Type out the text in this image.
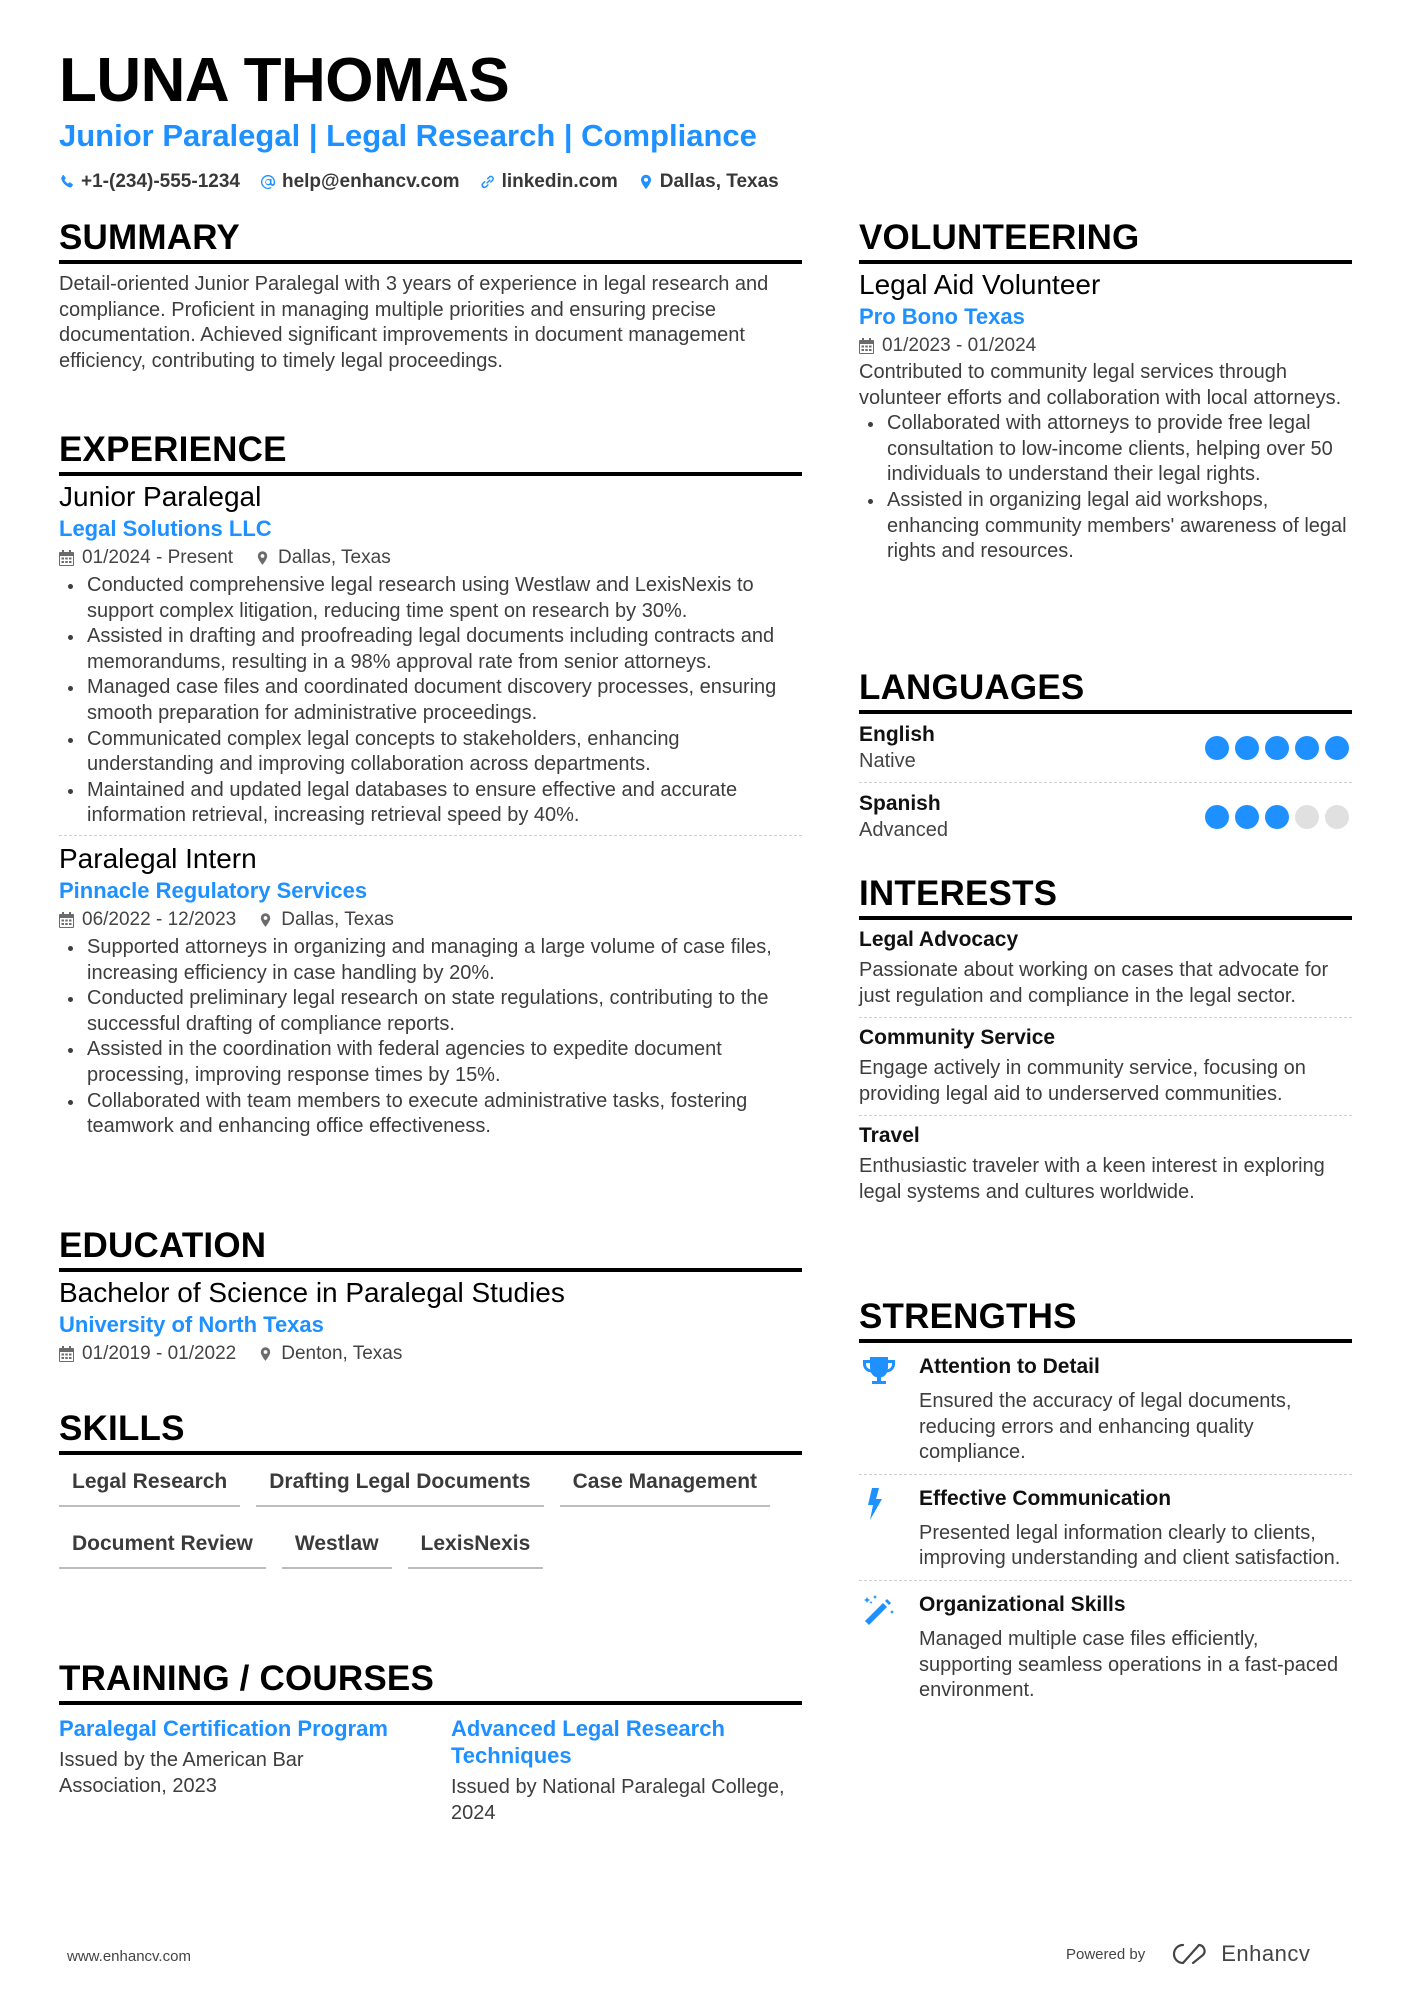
LUNA THOMAS
Junior Paralegal | Legal Research | Compliance
+1-(234)-555-1234 help@enhancv.com linkedin.com Dallas, Texas
SUMMARY

Detail-oriented Junior Paralegal with 3 years of experience in legal research and compliance. Proficient in managing multiple priorities and ensuring precise documentation. Achieved significant improvements in document management efficiency, contributing to timely legal proceedings.

EXPERIENCE
Junior Paralegal
Legal Solutions LLC
01/2024 - Present Dallas, Texas
Conducted comprehensive legal research using Westlaw and LexisNexis to support complex litigation, reducing time spent on research by 30%.
Assisted in drafting and proofreading legal documents including contracts and memorandums, resulting in a 98% approval rate from senior attorneys.
Managed case files and coordinated document discovery processes, ensuring smooth preparation for administrative proceedings.
Communicated complex legal concepts to stakeholders, enhancing understanding and improving collaboration across departments.
Maintained and updated legal databases to ensure effective and accurate information retrieval, increasing retrieval speed by 40%.
Paralegal Intern
Pinnacle Regulatory Services
06/2022 - 12/2023 Dallas, Texas
Supported attorneys in organizing and managing a large volume of case files, increasing efficiency in case handling by 20%.
Conducted preliminary legal research on state regulations, contributing to the successful drafting of compliance reports.
Assisted in the coordination with federal agencies to expedite document processing, improving response times by 15%.
Collaborated with team members to execute administrative tasks, fostering teamwork and enhancing office effectiveness.
EDUCATION
Bachelor of Science in Paralegal Studies
University of North Texas
01/2019 - 01/2022 Denton, Texas
SKILLS
Legal Research	Drafting Legal Documents	Case Management
Document Review	Westlaw	LexisNexis
TRAINING / COURSES
Paralegal Certification Program
Issued by the American Bar Association, 2023
Advanced Legal Research Techniques
Issued by National Paralegal College, 2024
VOLUNTEERING
Legal Aid Volunteer
Pro Bono Texas
01/2023 - 01/2024

Contributed to community legal services through volunteer efforts and collaboration with local attorneys.

Collaborated with attorneys to provide free legal consultation to low-income clients, helping over 50 individuals to understand their legal rights.
Assisted in organizing legal aid workshops, enhancing community members' awareness of legal rights and resources.
LANGUAGES
English
Native
Spanish
Advanced
INTERESTS
Legal Advocacy
Passionate about working on cases that advocate for just regulation and compliance in the legal sector.
Community Service
Engage actively in community service, focusing on providing legal aid to underserved communities.
Travel
Enthusiastic traveler with a keen interest in exploring legal systems and cultures worldwide.
STRENGTHS
Attention to Detail
Ensured the accuracy of legal documents, reducing errors and enhancing quality compliance.
Effective Communication
Presented legal information clearly to clients, improving understanding and client satisfaction.
Organizational Skills
Managed multiple case files efficiently, supporting seamless operations in a fast-paced environment.
www.enhancv.com	Powered by	Enhancv
